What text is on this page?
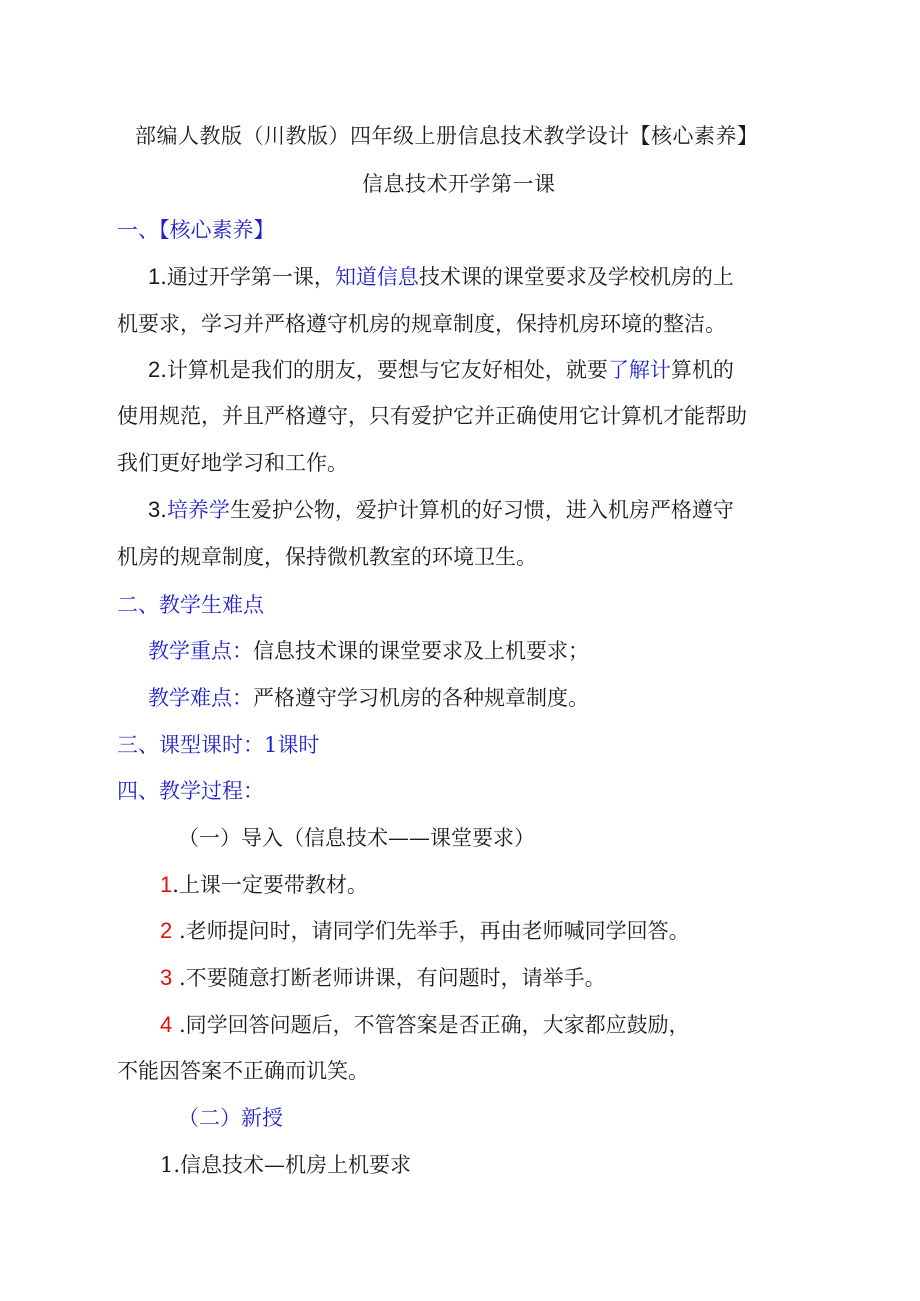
部编人教版（川教版）四年级上册信息技术教学设计【核心素养】
信息技术开学第一课
一、【核心素养】
1.通过开学第一课，知道信息技术课的课堂要求及学校机房的上
机要求，学习并严格遵守机房的规章制度，保持机房环境的整洁。
2.计算机是我们的朋友，要想与它友好相处，就要了解计算机的
使用规范，并且严格遵守，只有爱护它并正确使用它计算机才能帮助
我们更好地学习和工作。
3.培养学生爱护公物，爱护计算机的好习惯，进入机房严格遵守
机房的规章制度，保持微机教室的环境卫生。
二、教学生难点
教学重点：信息技术课的课堂要求及上机要求；
教学难点：严格遵守学习机房的各种规章制度。
三、课型课时：1课时
四、教学过程：
（一）导入（信息技术——课堂要求）
1.上课一定要带教材。
2 .老师提问时，请同学们先举手，再由老师喊同学回答。
3 .不要随意打断老师讲课，有问题时，请举手。
4 .同学回答问题后，不管答案是否正确，大家都应鼓励，
不能因答案不正确而讥笑。
（二）新授
1.信息技术—机房上机要求
